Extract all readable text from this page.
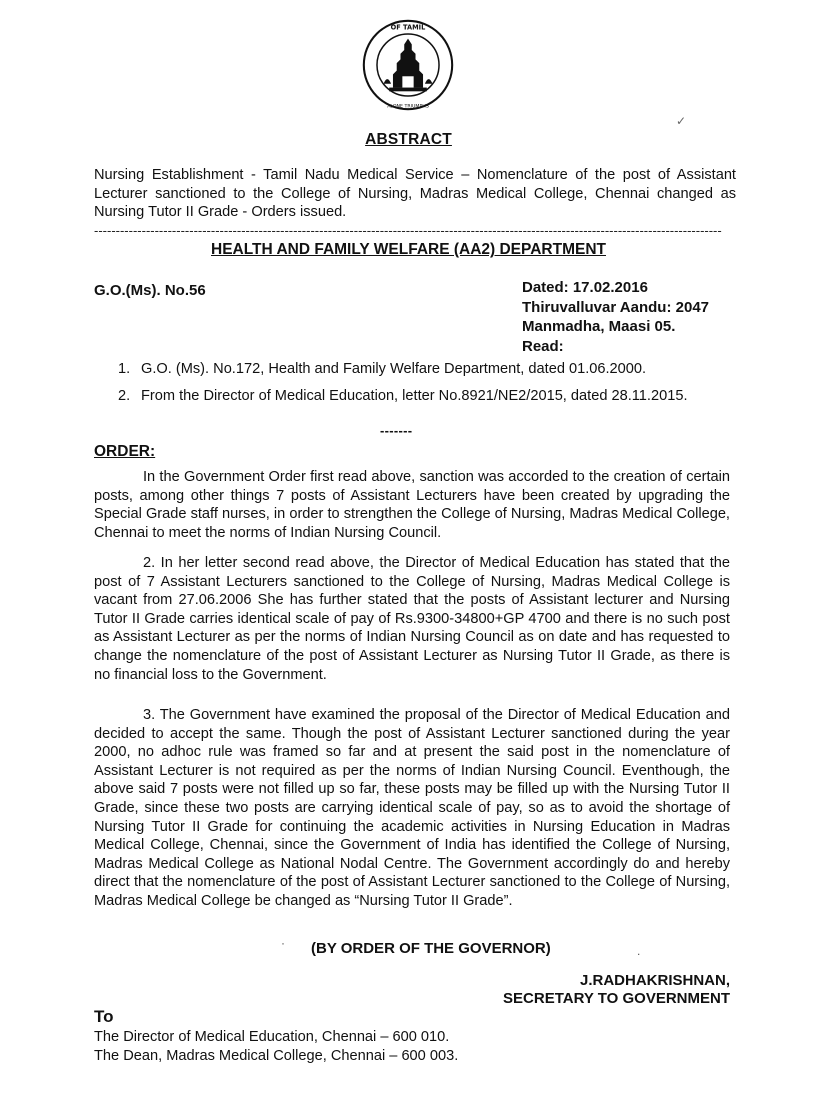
OF TAMIL
ALONE TRIUMPHS
✓
ABSTRACT
Nursing Establishment - Tamil Nadu Medical Service – Nomenclature of the post of Assistant Lecturer sanctioned to the College of Nursing, Madras Medical College, Chennai changed as Nursing Tutor II Grade - Orders issued.
-------------------------------------------------------------------------------------------------------------------------------------------------
HEALTH AND FAMILY WELFARE (AA2) DEPARTMENT
G.O.(Ms). No.56	Dated: 17.02.2016
Thiruvalluvar Aandu: 2047
Manmadha, Maasi 05.
Read:
1. G.O. (Ms). No.172, Health and Family Welfare Department, dated 01.06.2000.
2. From the Director of Medical Education, letter No.8921/NE2/2015, dated 28.11.2015.
-------
ORDER:

In the Government Order first read above, sanction was accorded to the creation of certain posts, among other things 7 posts of Assistant Lecturers have been created by upgrading the Special Grade staff nurses, in order to strengthen the College of Nursing, Madras Medical College, Chennai to meet the norms of Indian Nursing Council.

2. In her letter second read above, the Director of Medical Education has stated that the post of 7 Assistant Lecturers sanctioned to the College of Nursing, Madras Medical College is vacant from 27.06.2006 She has further stated that the posts of Assistant lecturer and Nursing Tutor II Grade carries identical scale of pay of Rs.9300-34800+GP 4700 and there is no such post as Assistant Lecturer as per the norms of Indian Nursing Council as on date and has requested to change the nomenclature of the post of Assistant Lecturer as Nursing Tutor II Grade, as there is no financial loss to the Government.

3. The Government have examined the proposal of the Director of Medical Education and decided to accept the same. Though the post of Assistant Lecturer sanctioned during the year 2000, no adhoc rule was framed so far and at present the said post in the nomenclature of Assistant Lecturer is not required as per the norms of Indian Nursing Council. Eventhough, the above said 7 posts were not filled up so far, these posts may be filled up with the Nursing Tutor II Grade, since these two posts are carrying identical scale of pay, so as to avoid the shortage of Nursing Tutor II Grade for continuing the academic activities in Nursing Education in Madras Medical College, Chennai, since the Government of India has identified the College of Nursing, Madras Medical College as National Nodal Centre. The Government accordingly do and hereby direct that the nomenclature of the post of Assistant Lecturer sanctioned to the College of Nursing, Madras Medical College be changed as “Nursing Tutor II Grade”.

· (BY ORDER OF THE GOVERNOR)	.
J.RADHAKRISHNAN,
SECRETARY TO GOVERNMENT
To
The Director of Medical Education, Chennai – 600 010.
The Dean, Madras Medical College, Chennai – 600 003.
